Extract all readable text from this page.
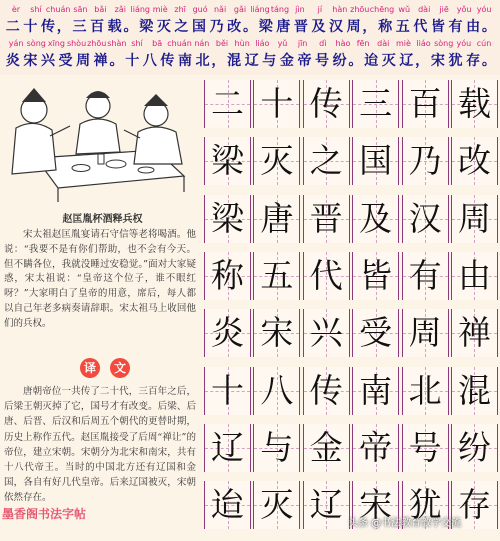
èr	shí chuán sān bǎi	zǎi liáng miè zhī guó nǎi gǎi liáng táng jìn	jí	hàn zhōu chēng wǔ	dài	jiē yǒu yóu
二 十 传 ， 三 百 载 。 梁 灭 之 国 乃 改 。 梁 唐 晋 及 汉 周 ， 称 五 代 皆 有 由 。
yán sòng xīng shòu zhōu shàn shí	bā chuán nán běi hùn liáo	yǔ	jīn	dì	hào fēn dài miè liáo sòng yóu cún
炎 宋 兴 受 周 禅 。 十 八 传 南 北 ， 混 辽 与 金 帝 号 纷 。 迨 灭 辽 ， 宋 犹 存 。
赵匡胤杯酒释兵权

宋太祖赵匡胤宴请石守信等老将喝酒。他说：“我要不是有你们帮助，也不会有今天。但不瞒各位，我就没睡过安稳觉。”面对大家疑惑，宋太祖说：“皇帝这个位子，谁不眼红呀？”大家明白了皇帝的用意，席后，每人都以自己年老多病奏请辞职。宋太祖马上收回他们的兵权。

译	文

唐朝帝位一共传了二十代，三百年之后，后梁王朝灭掉了它，国号才有改变。后梁、后唐、后晋、后汉和后周五个朝代的更替时期，历史上称作五代。赵匡胤接受了后周“禅让”的帝位，建立宋朝。宋朝分为北宋和南宋，共有十八代帝王。当时的中国北方还有辽国和金国，各自有好几代皇帝。后来辽国被灭，宋朝依然存在。

墨香阁书法字帖
二 十 传 三 百 载
梁 灭 之 国 乃 改
梁 唐 晋 及 汉 周
称 五 代 皆 有 由
炎 宋 兴 受 周 禅
十 八 传 南 北 混
辽 与 金 帝 号 纷
迨 灭 辽 宋 犹 存
头条 @书法教育教学交流
